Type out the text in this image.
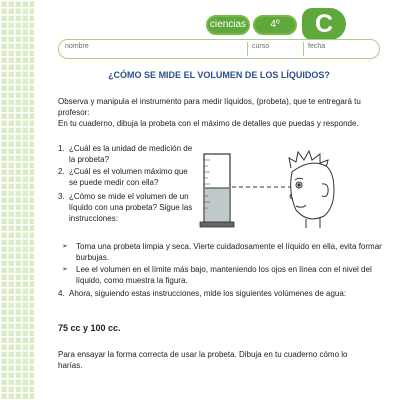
ciencias	4º	C
nombre	curso	fecha
¿CÓMO SE MIDE EL VOLUMEN DE LOS LÍQUIDOS?
Observa y manipula el instrumento para medir líquidos, (probeta), que te entregará tu profesor:
En tu cuaderno, dibuja la probeta con el máximo de detalles que puedas y responde.
1. ¿Cuál es la unidad de medición de la probeta?
2. ¿Cuál es el volumen máximo que se puede medir con ella?
3. ¿Cómo se mide el volumen de un líquido con una probeta? Sigue las instrucciones:
➢ Toma una probeta limpia y seca. Vierte cuidadosamente el líquido en ella, evita formar burbujas.
➢ Lee el volumen en el límite más bajo, manteniendo los ojos en línea con el nivel del líquido, como muestra la figura.
4. Ahora, siguiendo estas instrucciones, mide los siguientes volúmenes de agua:
75 cc y 100 cc.
Para ensayar la forma correcta de usar la probeta. Dibuja en tu cuaderno cómo lo harías.
